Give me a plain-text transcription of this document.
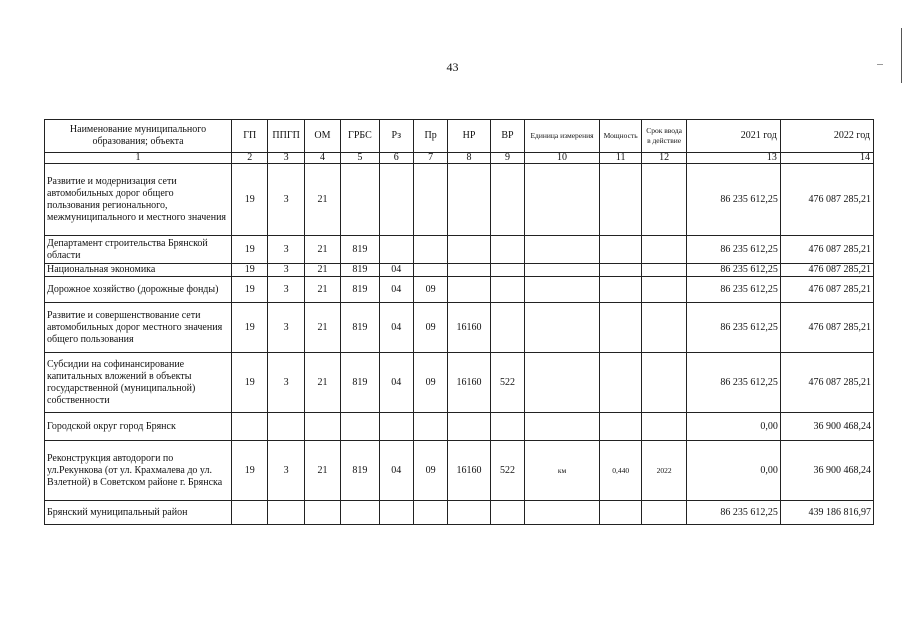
43
Наименование муниципального образования; объекта	ГП	ППГП	ОМ	ГРБС	Рз	Пр	НР	ВР	Единица измерения	Мощность	Срок ввода в действие	2021 год	2022 год
1	2	3	4	5	6	7	8	9	10	11	12	13	14
Развитие и модернизация сети автомобильных дорог общего пользования регионального, межмуниципального и местного значения	19	3	21									86 235 612,25	476 087 285,21
Департамент строительства Брянской области	19	3	21	819								86 235 612,25	476 087 285,21
Национальная экономика	19	3	21	819	04							86 235 612,25	476 087 285,21
Дорожное хозяйство (дорожные фонды)	19	3	21	819	04	09						86 235 612,25	476 087 285,21
Развитие и совершенствование сети автомобильных дорог местного значения общего пользования	19	3	21	819	04	09	16160					86 235 612,25	476 087 285,21
Субсидии на софинансирование капитальных вложений в объекты государственной (муниципальной) собственности	19	3	21	819	04	09	16160	522				86 235 612,25	476 087 285,21
Городской округ город Брянск												0,00	36 900 468,24
Реконструкция автодороги по ул.Рекункова (от ул. Крахмалева до ул. Взлетной) в Советском районе г. Брянска	19	3	21	819	04	09	16160	522	км	0,440	2022	0,00	36 900 468,24
Брянский муниципальный район												86 235 612,25	439 186 816,97
